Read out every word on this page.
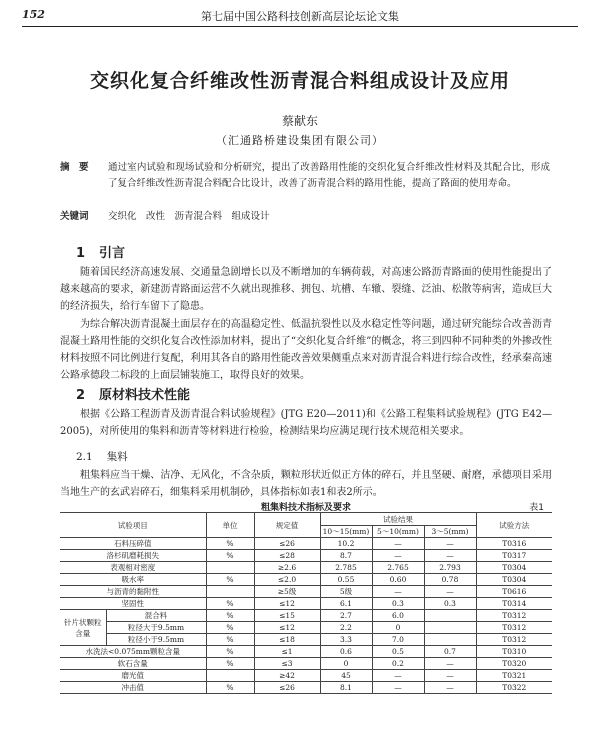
152	第七届中国公路科技创新高层论坛论文集
交织化复合纤维改性沥青混合料组成设计及应用
蔡献东
（汇通路桥建设集团有限公司）
摘　要 通过室内试验和现场试验和分析研究，提出了改善路用性能的交织化复合纤维改性材料及其配合比，形成了复合纤维改性沥青混合料配合比设计，改善了沥青混合料的路用性能，提高了路面的使用寿命。
关键词 交织化　改性　沥青混合料　组成设计
1 引言
随着国民经济高速发展、交通量急剧增长以及不断增加的车辆荷载，对高速公路沥青路面的使用性能提出了越来越高的要求，新建沥青路面运营不久就出现推移、拥包、坑槽、车辙、裂缝、泛油、松散等病害，造成巨大的经济损失，给行车留下了隐患。
为综合解决沥青混凝土面层存在的高温稳定性、低温抗裂性以及水稳定性等问题，通过研究能综合改善沥青混凝土路用性能的交织化复合改性添加材料，提出了“交织化复合纤维”的概念，将三到四种不同种类的外掺改性材料按照不同比例进行复配，利用其各自的路用性能改善效果侧重点来对沥青混合料进行综合改性，经承秦高速公路承德段二标段的上面层铺装施工，取得良好的效果。
2 原材料技术性能
根据《公路工程沥青及沥青混合料试验规程》(JTG E20—2011)和《公路工程集料试验规程》(JTG E42—2005)，对所使用的集料和沥青等材料进行检验，检测结果均应满足现行技术规范相关要求。
2.1 集料
粗集料应当干燥、洁净、无风化，不含杂质，颗粒形状近似正方体的碎石，并且坚硬、耐磨，承德项目采用当地生产的玄武岩碎石，细集料采用机制砂，具体指标如表1和表2所示。
粗集料技术指标及要求	表1
试验项目		单位	规定值	试验结果			试验方法
				10～15(mm)	5～10(mm)	3～5(mm)	
石料压碎值		%	≤26	10.2	—	—	T0316
洛杉矶磨耗损失		%	≤28	8.7	—	—	T0317
表观相对密度			≥2.6	2.785	2.765	2.793	T0304
吸水率		%	≤2.0	0.55	0.60	0.78	T0304
与沥青的黏附性			≥5级	5级	—	—	T0616
坚固性		%	≤12	6.1	0.3	0.3	T0314
针片状颗粒含量	混合料	%	≤15	2.7	6.0		T0312
	粒径大于9.5mm	%	≤12	2.2	0		T0312
	粒径小于9.5mm	%	≤18	3.3	7.0		T0312
水洗法<0.075mm颗粒含量		%	≤1	0.6	0.5	0.7	T0310
软石含量		%	≤3	0	0.2	—	T0320
磨光值			≥42	45	—	—	T0321
冲击值		%	≤26	8.1	—	—	T0322
